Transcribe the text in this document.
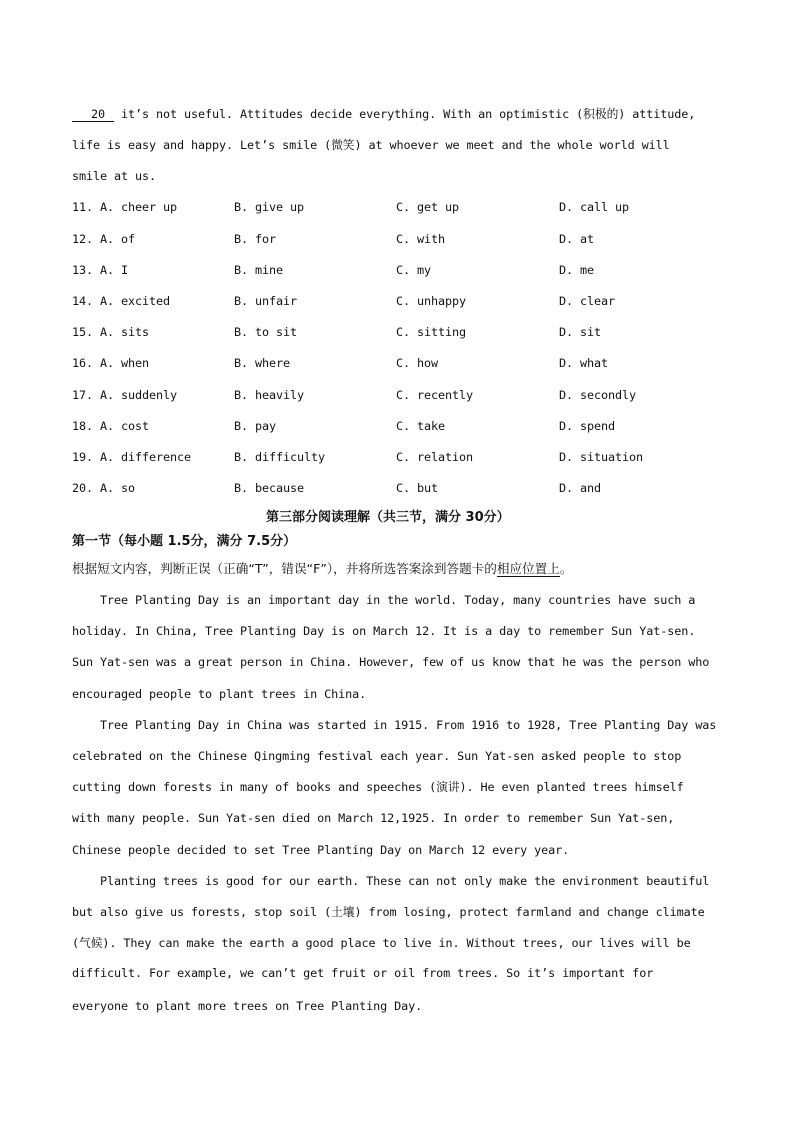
20 it’s not useful. Attitudes decide everything. With an optimistic (积极的) attitude,
life is easy and happy. Let’s smile (微笑) at whoever we meet and the whole world will
smile at us.
11. A. cheer up	B. give up	C. get up	D. call up
12. A. of	B. for	C. with	D. at
13. A. I	B. mine	C. my	D. me
14. A. excited	B. unfair	C. unhappy	D. clear
15. A. sits	B. to sit	C. sitting	D. sit
16. A. when	B. where	C. how	D. what
17. A. suddenly	B. heavily	C. recently	D. secondly
18. A. cost	B. pay	C. take	D. spend
19. A. difference	B. difficulty	C. relation	D. situation
20. A. so	B. because	C. but	D. and
第三部分阅读理解（共三节，满分 30分）
第一节（每小题 1.5分，满分 7.5分）
根据短文内容，判断正误（正确“T”，错误“F”），并将所选答案涂到答题卡的相应位置上。
Tree Planting Day is an important day in the world. Today, many countries have such a
holiday. In China, Tree Planting Day is on March 12. It is a day to remember Sun Yat-sen.
Sun Yat-sen was a great person in China. However, few of us know that he was the person who
encouraged people to plant trees in China.
Tree Planting Day in China was started in 1915. From 1916 to 1928, Tree Planting Day was
celebrated on the Chinese Qingming festival each year. Sun Yat-sen asked people to stop
cutting down forests in many of books and speeches (演讲). He even planted trees himself
with many people. Sun Yat-sen died on March 12,1925. In order to remember Sun Yat-sen,
Chinese people decided to set Tree Planting Day on March 12 every year.
Planting trees is good for our earth. These can not only make the environment beautiful
but also give us forests, stop soil (土壤) from losing, protect farmland and change climate
(气候). They can make the earth a good place to live in. Without trees, our lives will be
difficult. For example, we can’t get fruit or oil from trees. So it’s important for
everyone to plant more trees on Tree Planting Day.
